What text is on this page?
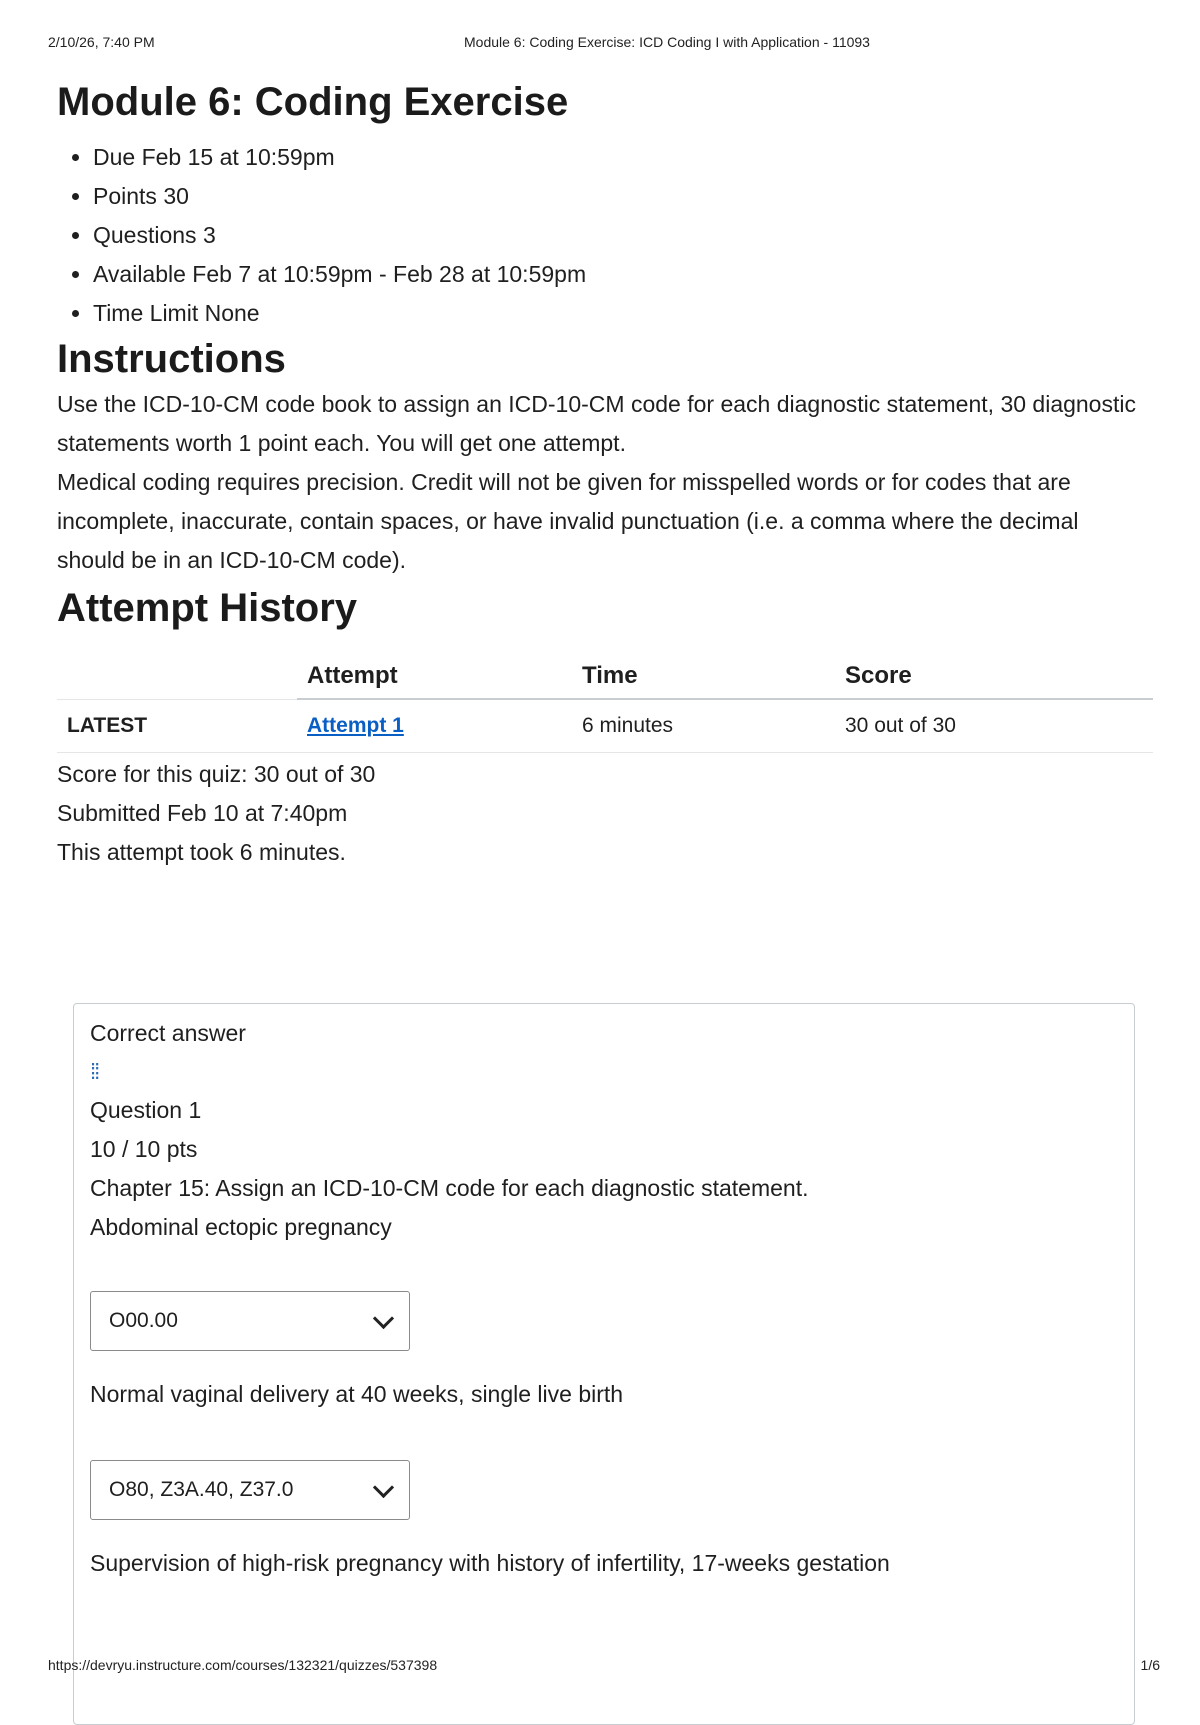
2/10/26, 7:40 PM	Module 6: Coding Exercise: ICD Coding I with Application - 11093
Module 6: Coding Exercise
• Due Feb 15 at 10:59pm
• Points 30
• Questions 3
• Available Feb 7 at 10:59pm - Feb 28 at 10:59pm
• Time Limit None
Instructions

Use the ICD-10-CM code book to assign an ICD-10-CM code for each diagnostic statement, 30 diagnostic statements worth 1 point each. You will get one attempt.

Medical coding requires precision. Credit will not be given for misspelled words or for codes that are incomplete, inaccurate, contain spaces, or have invalid punctuation (i.e. a comma where the decimal should be in an ICD-10-CM code).

Attempt History
	Attempt	Time	Score
LATEST	Attempt 1	6 minutes	30 out of 30
Score for this quiz: 30 out of 30
Submitted Feb 10 at 7:40pm
This attempt took 6 minutes.
Correct answer
⁞⁞
Question 1
10 / 10 pts
Chapter 15: Assign an ICD-10-CM code for each diagnostic statement.
Abdominal ectopic pregnancy
O00.00
Normal vaginal delivery at 40 weeks, single live birth
O80, Z3A.40, Z37.0
Supervision of high-risk pregnancy with history of infertility, 17-weeks gestation
https://devryu.instructure.com/courses/132321/quizzes/537398	1/6
